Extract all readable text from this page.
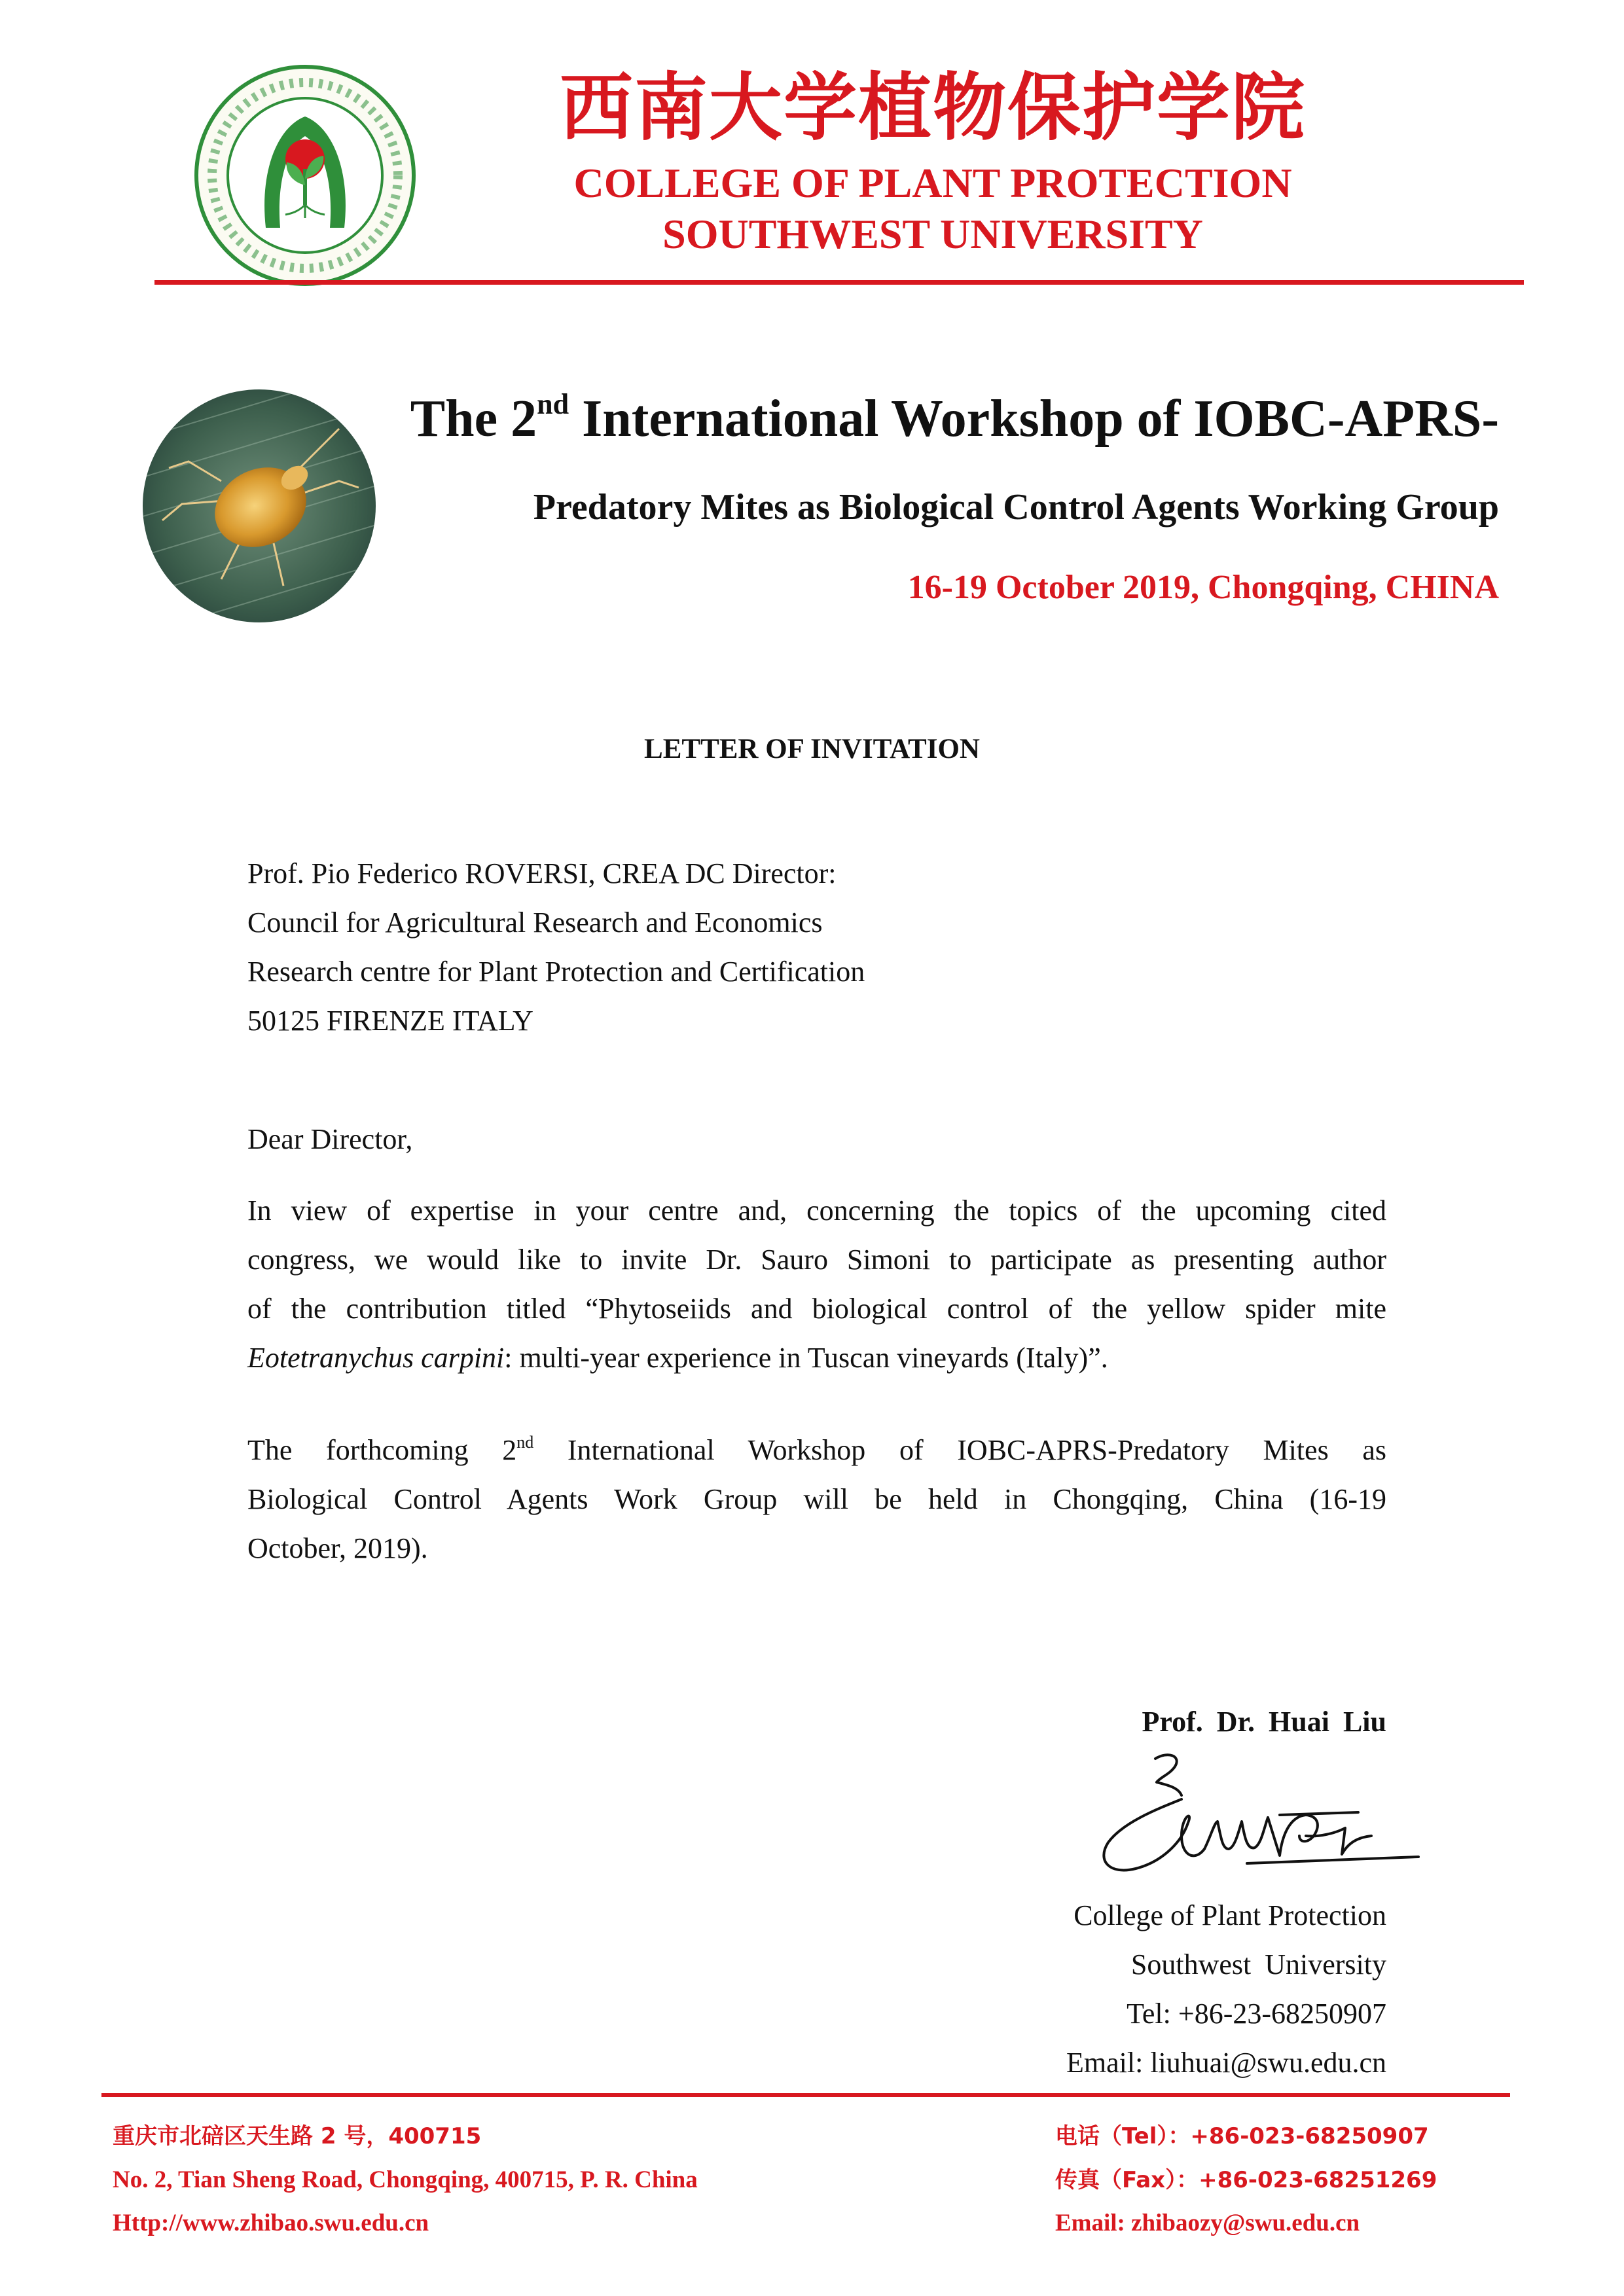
西南大学植物保护学院
COLLEGE OF PLANT PROTECTION
SOUTHWEST UNIVERSITY
The 2nd International Workshop of IOBC-APRS-
Predatory Mites as Biological Control Agents Working Group
16-19 October 2019, Chongqing, CHINA
LETTER OF INVITATION
Prof. Pio Federico ROVERSI, CREA DC Director:
Council for Agricultural Research and Economics
Research centre for Plant Protection and Certification
50125 FIRENZE ITALY
Dear Director,
In view of expertise in your centre and, concerning the topics of the upcoming cited
congress, we would like to invite Dr. Sauro Simoni to participate as presenting author
of the contribution titled “Phytoseiids and biological control of the yellow spider mite
Eotetranychus carpini: multi-year experience in Tuscan vineyards (Italy)”.
The forthcoming 2nd International Workshop of IOBC-APRS-Predatory Mites as
Biological Control Agents Work Group will be held in Chongqing, China (16-19
October, 2019).
Prof. Dr. Huai Liu
College of Plant Protection
Southwest University
Tel: +86-23-68250907
Email: liuhuai@swu.edu.cn
重庆市北碚区天生路 2 号，400715
No. 2, Tian Sheng Road, Chongqing, 400715, P. R. China
Http://www.zhibao.swu.edu.cn
电话（Tel）：+86-023-68250907
传真（Fax）：+86-023-68251269
Email: zhibaozy@swu.edu.cn
